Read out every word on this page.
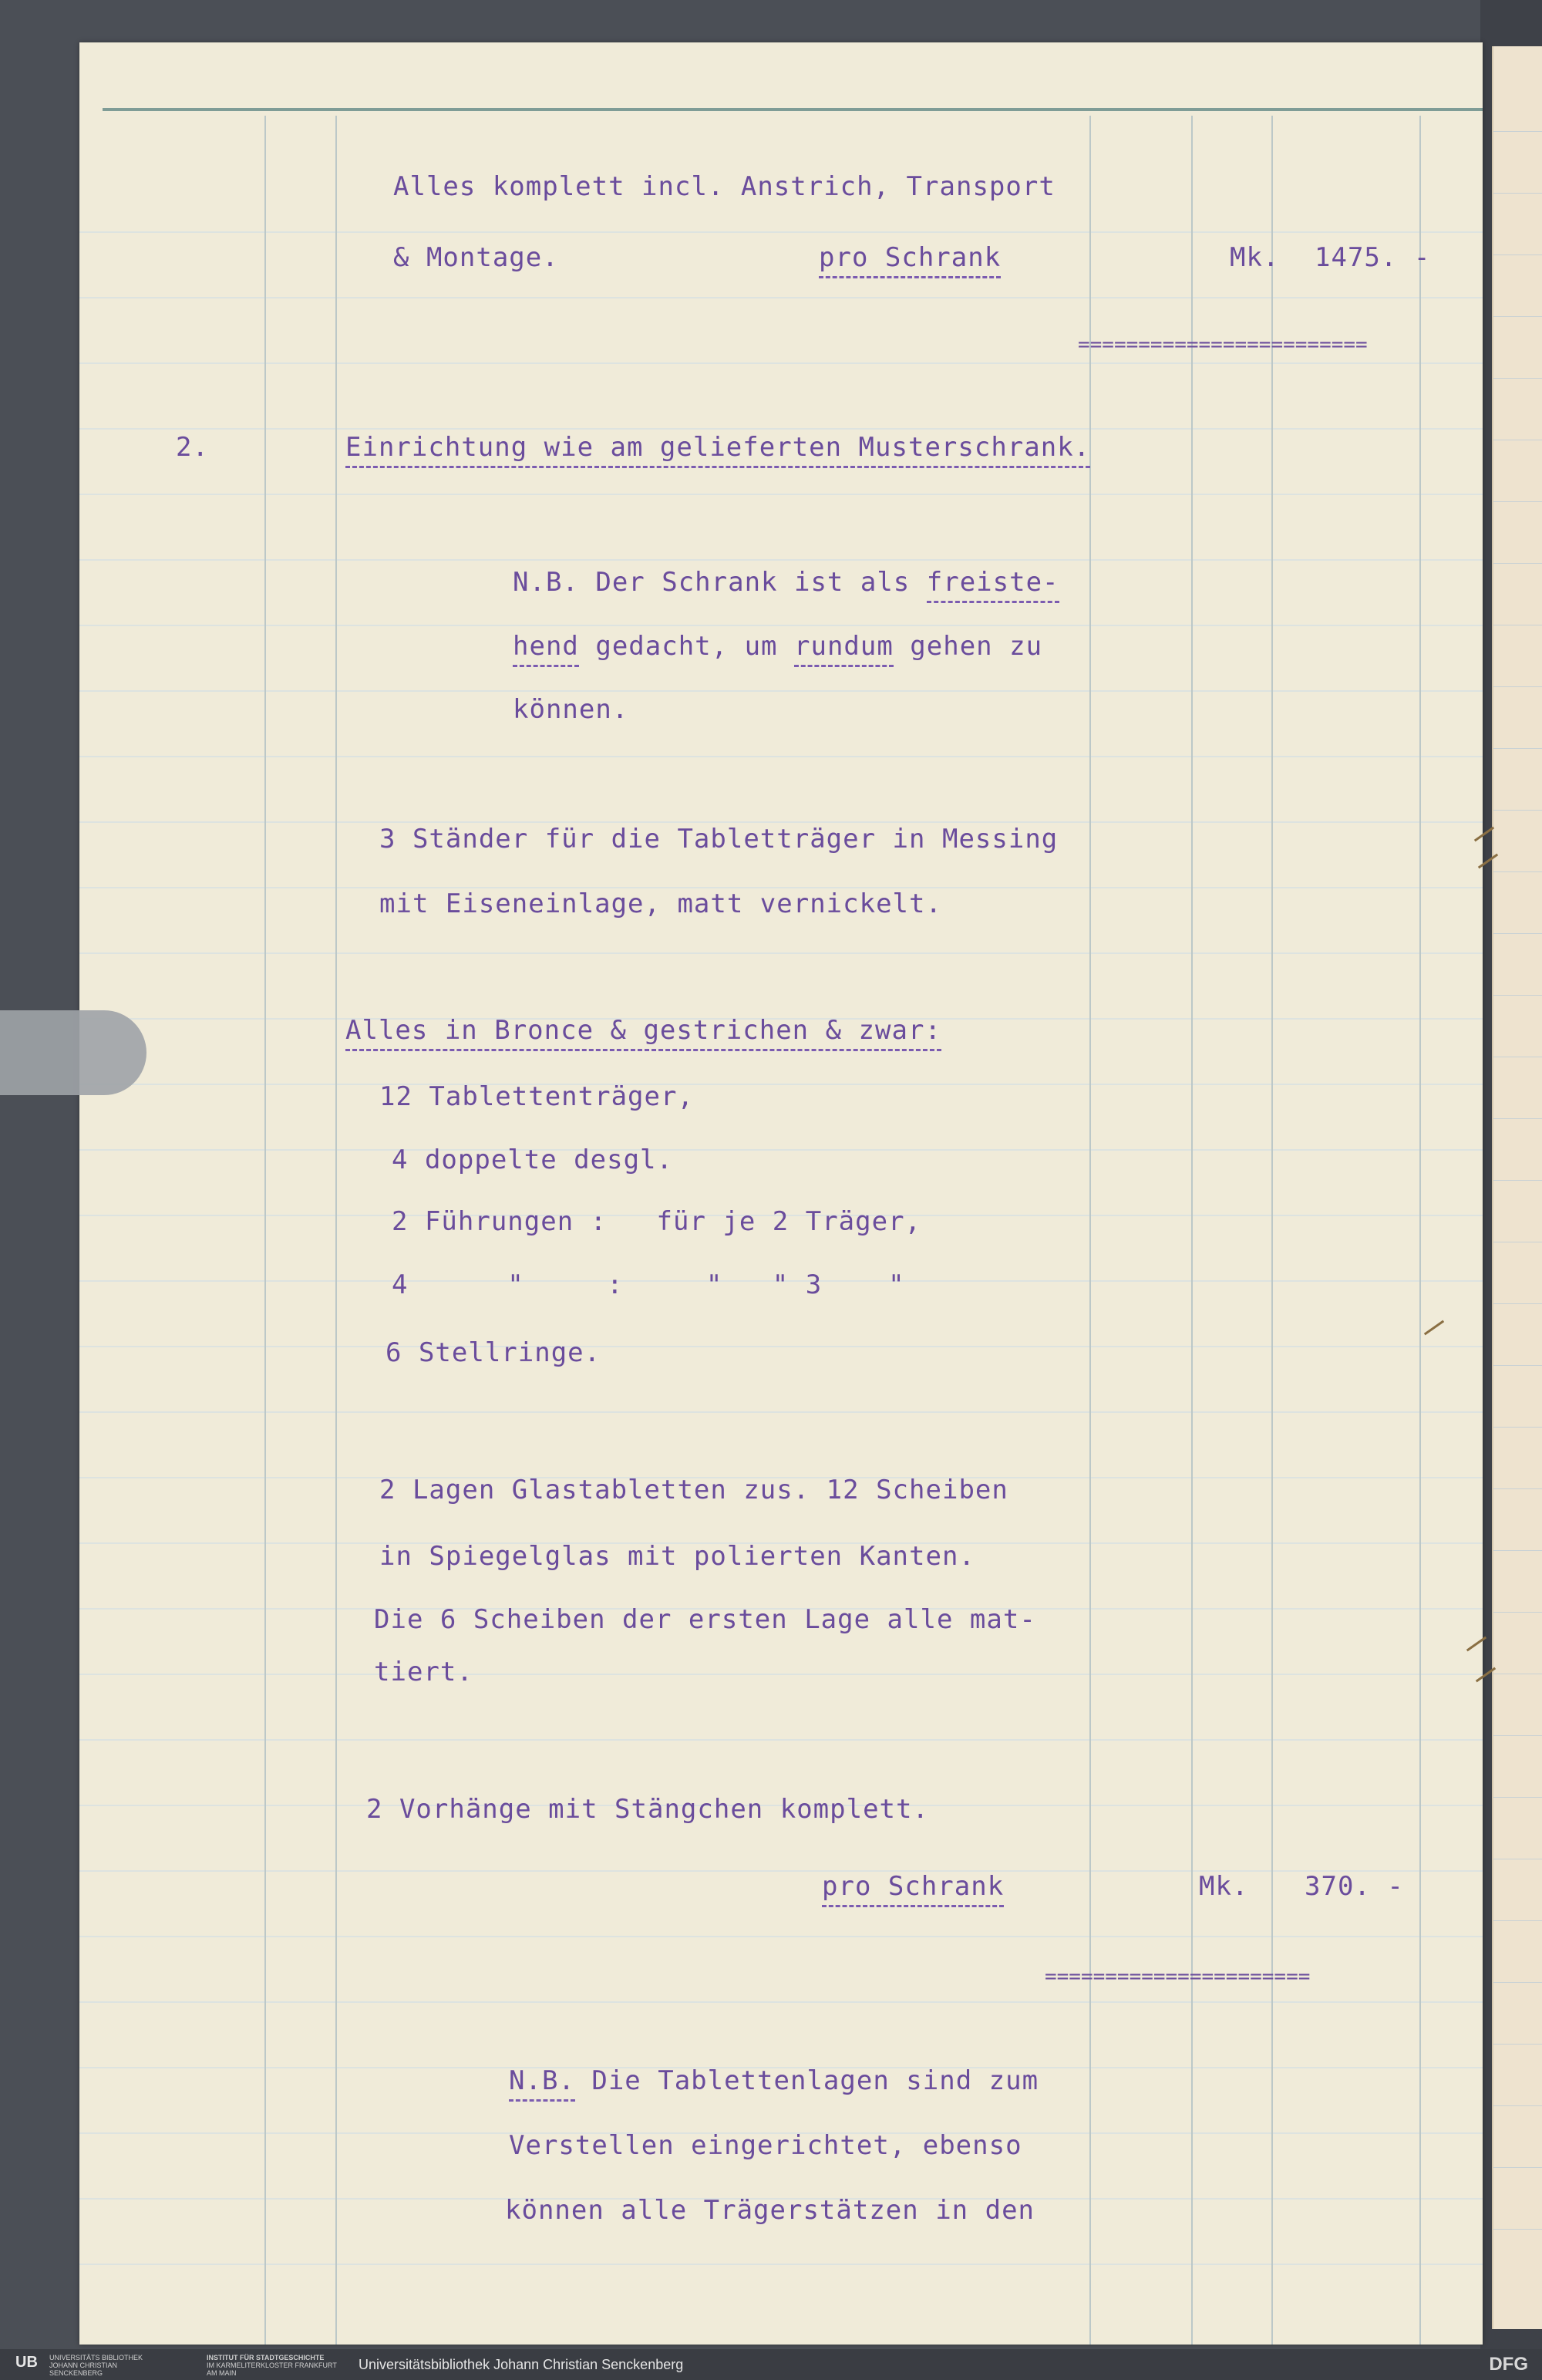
Alles komplett incl. Anstrich, Transport
& Montage.	pro Schrank	Mk. 1475. -
========================
2.	Einrichtung wie am gelieferten Musterschrank.
N.B. Der Schrank ist als freiste-
hend gedacht, um rundum gehen zu
können.
3 Ständer für die Tabletträger in Messing
mit Eiseneinlage, matt vernickelt.
Alles in Bronce & gestrichen & zwar:
12 Tablettenträger,
4 doppelte desgl.
2 Führungen :   für je 2 Träger,
4      "     :     "   " 3    "
6 Stellringe.
2 Lagen Glastabletten zus. 12 Scheiben
in Spiegelglas mit polierten Kanten.
Die 6 Scheiben der ersten Lage alle mat-
tiert.
2 Vorhänge mit Stängchen komplett.
pro Schrank	Mk. 370. -
======================
N.B. Die Tablettenlagen sind zum
Verstellen eingerichtet, ebenso
können alle Trägerstätzen in den
UB UNIVERSITÄTS BIBLIOTHEK
JOHANN CHRISTIAN SENCKENBERG
INSTITUT FÜR STADTGESCHICHTE
IM KARMELITERKLOSTER FRANKFURT AM MAIN
Universitätsbibliothek Johann Christian Senckenberg	DFG
